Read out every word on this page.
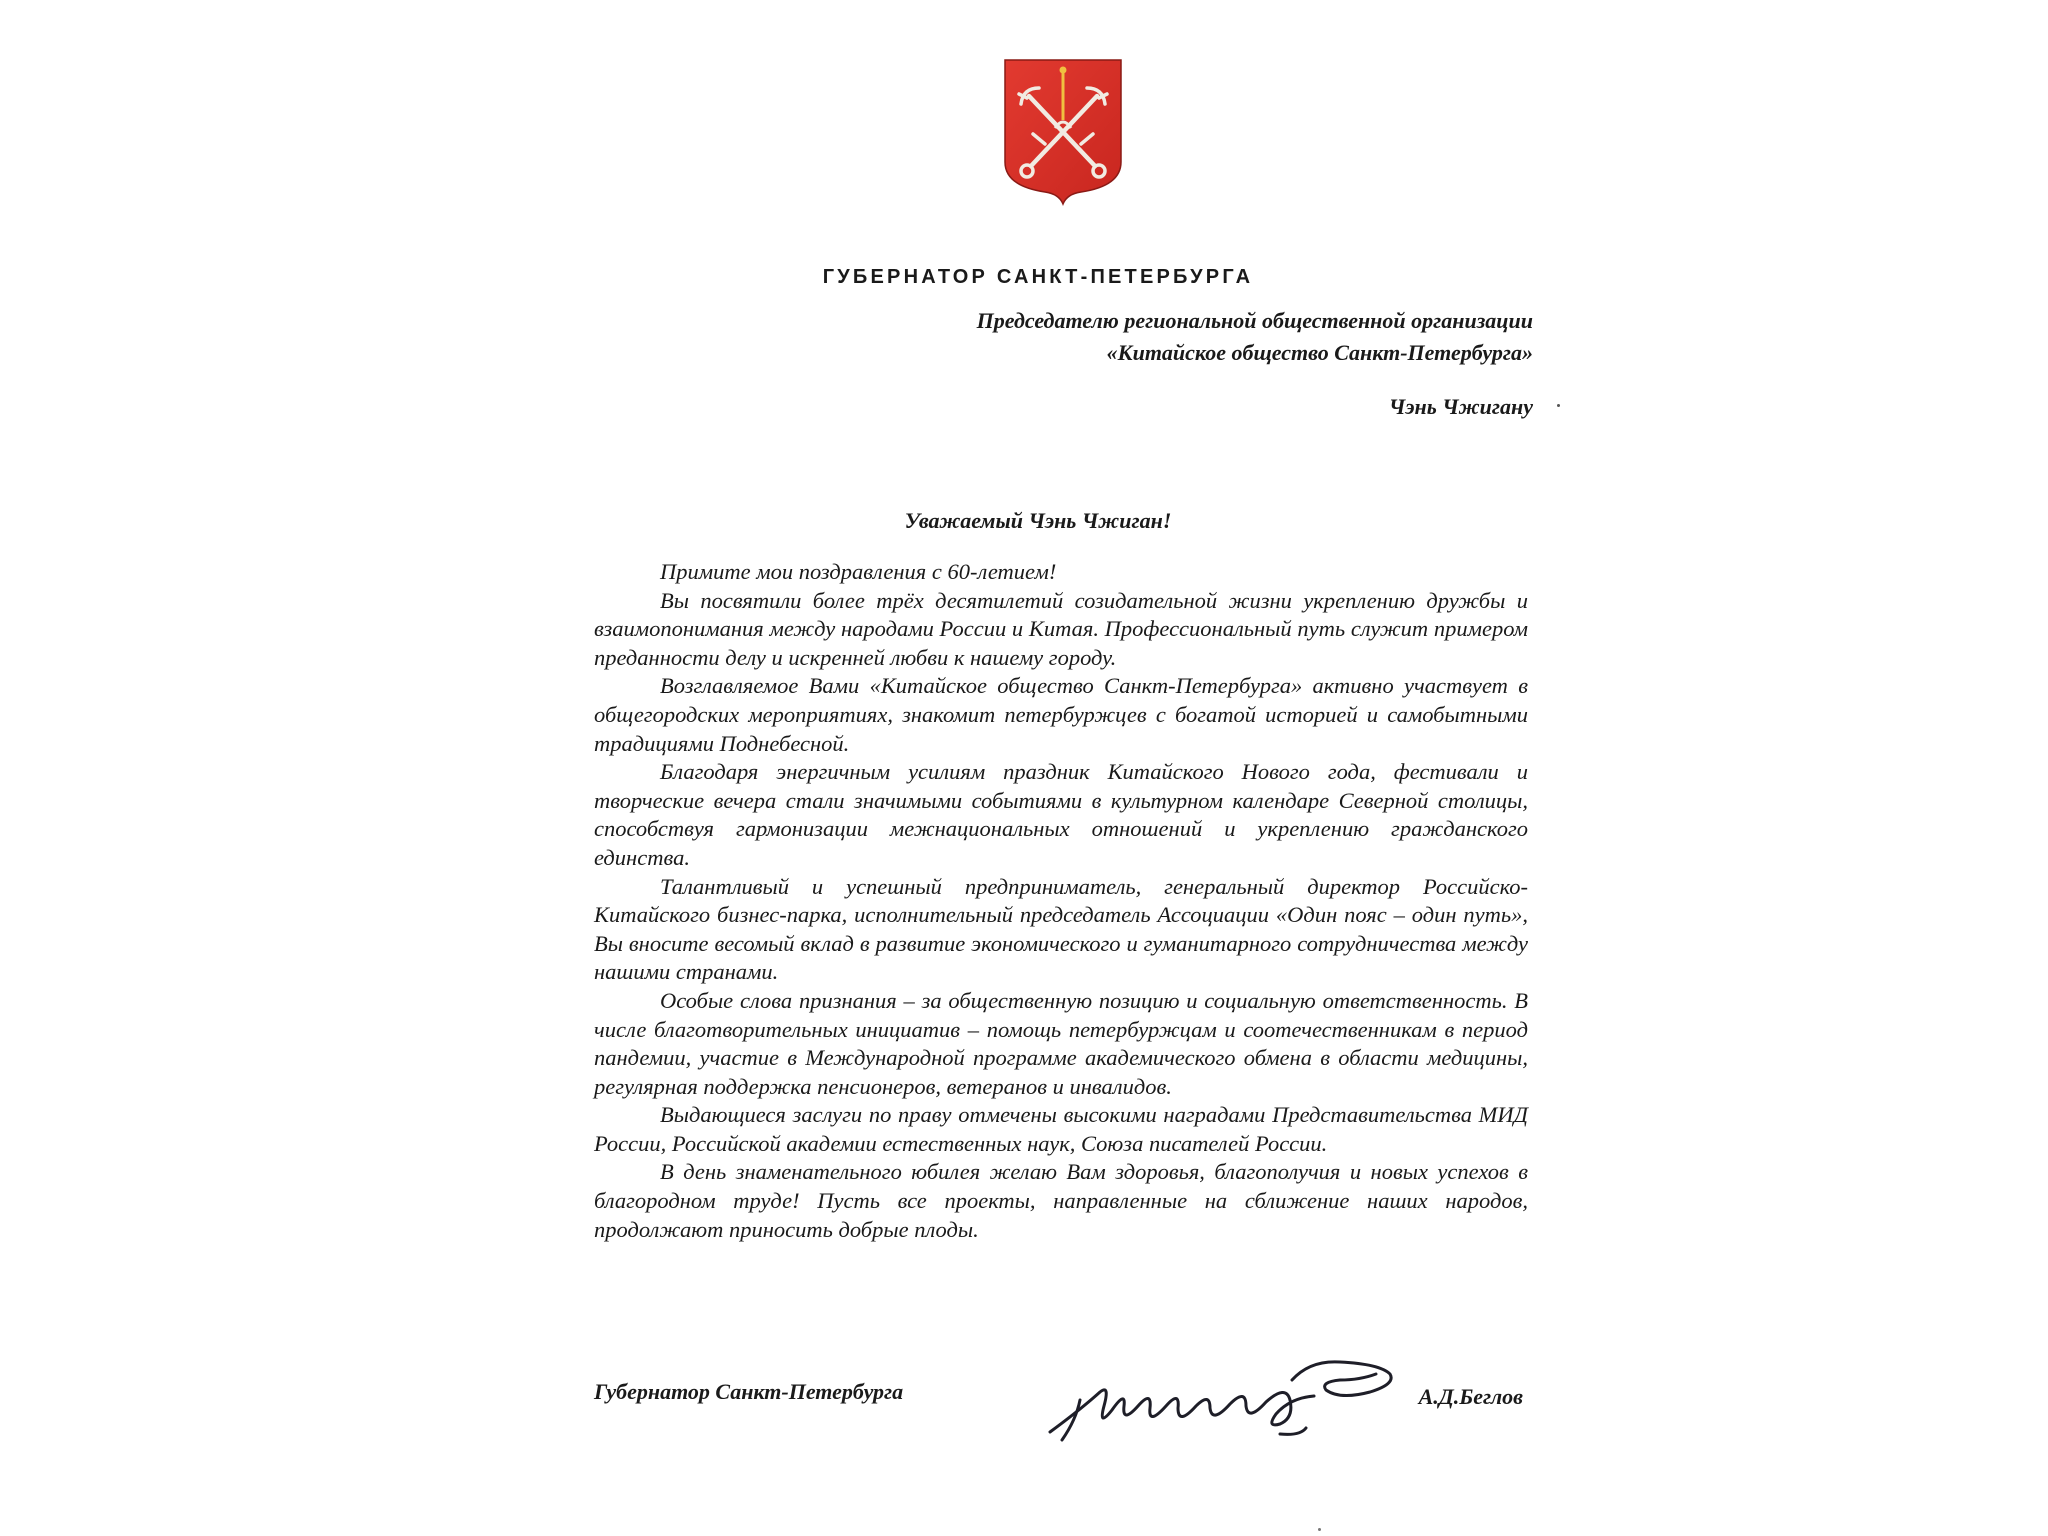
ГУБЕРНАТОР САНКТ-ПЕТЕРБУРГА
Председателю региональной общественной организации
«Китайское общество Санкт-Петербурга»
Чэнь Чжигану
Уважаемый Чэнь Чжиган!

Примите мои поздравления с 60-летием!

Вы посвятили более трёх десятилетий созидательной жизни укреплению дружбы и взаимопонимания между народами России и Китая. Профессиональный путь служит примером преданности делу и искренней любви к нашему городу.

Возглавляемое Вами «Китайское общество Санкт-Петербурга» активно участвует в общегородских мероприятиях, знакомит петербуржцев с богатой историей и самобытными традициями Поднебесной.

Благодаря энергичным усилиям праздник Китайского Нового года, фестивали и творческие вечера стали значимыми событиями в культурном календаре Северной столицы, способствуя гармонизации межнациональных отношений и укреплению гражданского единства.

Талантливый и успешный предприниматель, генеральный директор Российско-Китайского бизнес-парка, исполнительный председатель Ассоциации «Один пояс – один путь», Вы вносите весомый вклад в развитие экономического и гуманитарного сотрудничества между нашими странами.

Особые слова признания – за общественную позицию и социальную ответственность. В числе благотворительных инициатив – помощь петербуржцам и соотечественникам в период пандемии, участие в Международной программе академического обмена в области медицины, регулярная поддержка пенсионеров, ветеранов и инвалидов.

Выдающиеся заслуги по праву отмечены высокими наградами Представительства МИД России, Российской академии естественных наук, Союза писателей России.

В день знаменательного юбилея желаю Вам здоровья, благополучия и новых успехов в благородном труде! Пусть все проекты, направленные на сближение наших народов, продолжают приносить добрые плоды.

Губернатор Санкт-Петербурга	А.Д.Беглов
